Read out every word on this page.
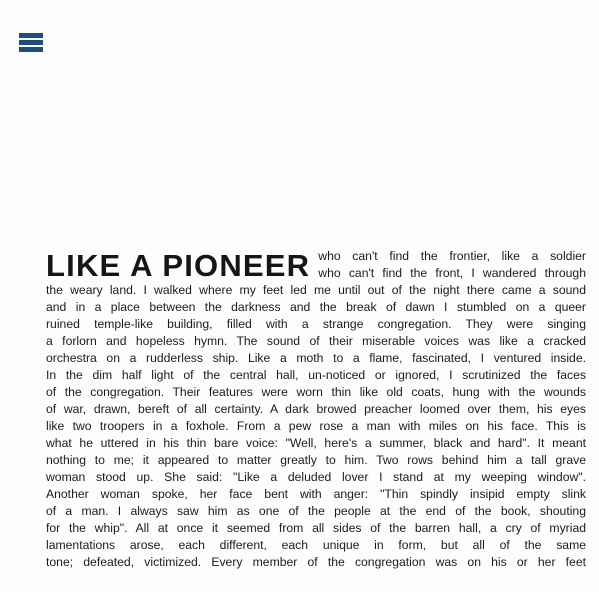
LIKE A PIONEER who can't find the frontier, like a soldier
who can't find the front, I wandered through
the weary land. I walked where my feet led me until out of the night there came a sound
and in a place between the darkness and the break of dawn I stumbled on a queer
ruined temple-like building, filled with a strange congregation. They were singing
a forlorn and hopeless hymn. The sound of their miserable voices was like a cracked
orchestra on a rudderless ship. Like a moth to a flame, fascinated, I ventured inside.
In the dim half light of the central hall, un-noticed or ignored, I scrutinized the faces
of the congregation. Their features were worn thin like old coats, hung with the wounds
of war, drawn, bereft of all certainty. A dark browed preacher loomed over them, his eyes
like two troopers in a foxhole. From a pew rose a man with miles on his face. This is
what he uttered in his thin bare voice: "Well, here's a summer, black and hard". It meant
nothing to me; it appeared to matter greatly to him. Two rows behind him a tall grave
woman stood up. She said: "Like a deluded lover I stand at my weeping window".
Another woman spoke, her face bent with anger: "Thin spindly insipid empty slink
of a man. I always saw him as one of the people at the end of the book, shouting
for the whip". All at once it seemed from all sides of the barren hall, a cry of myriad
lamentations arose, each different, each unique in form, but all of the same
tone; defeated, victimized. Every member of the congregation was on his or her feet
